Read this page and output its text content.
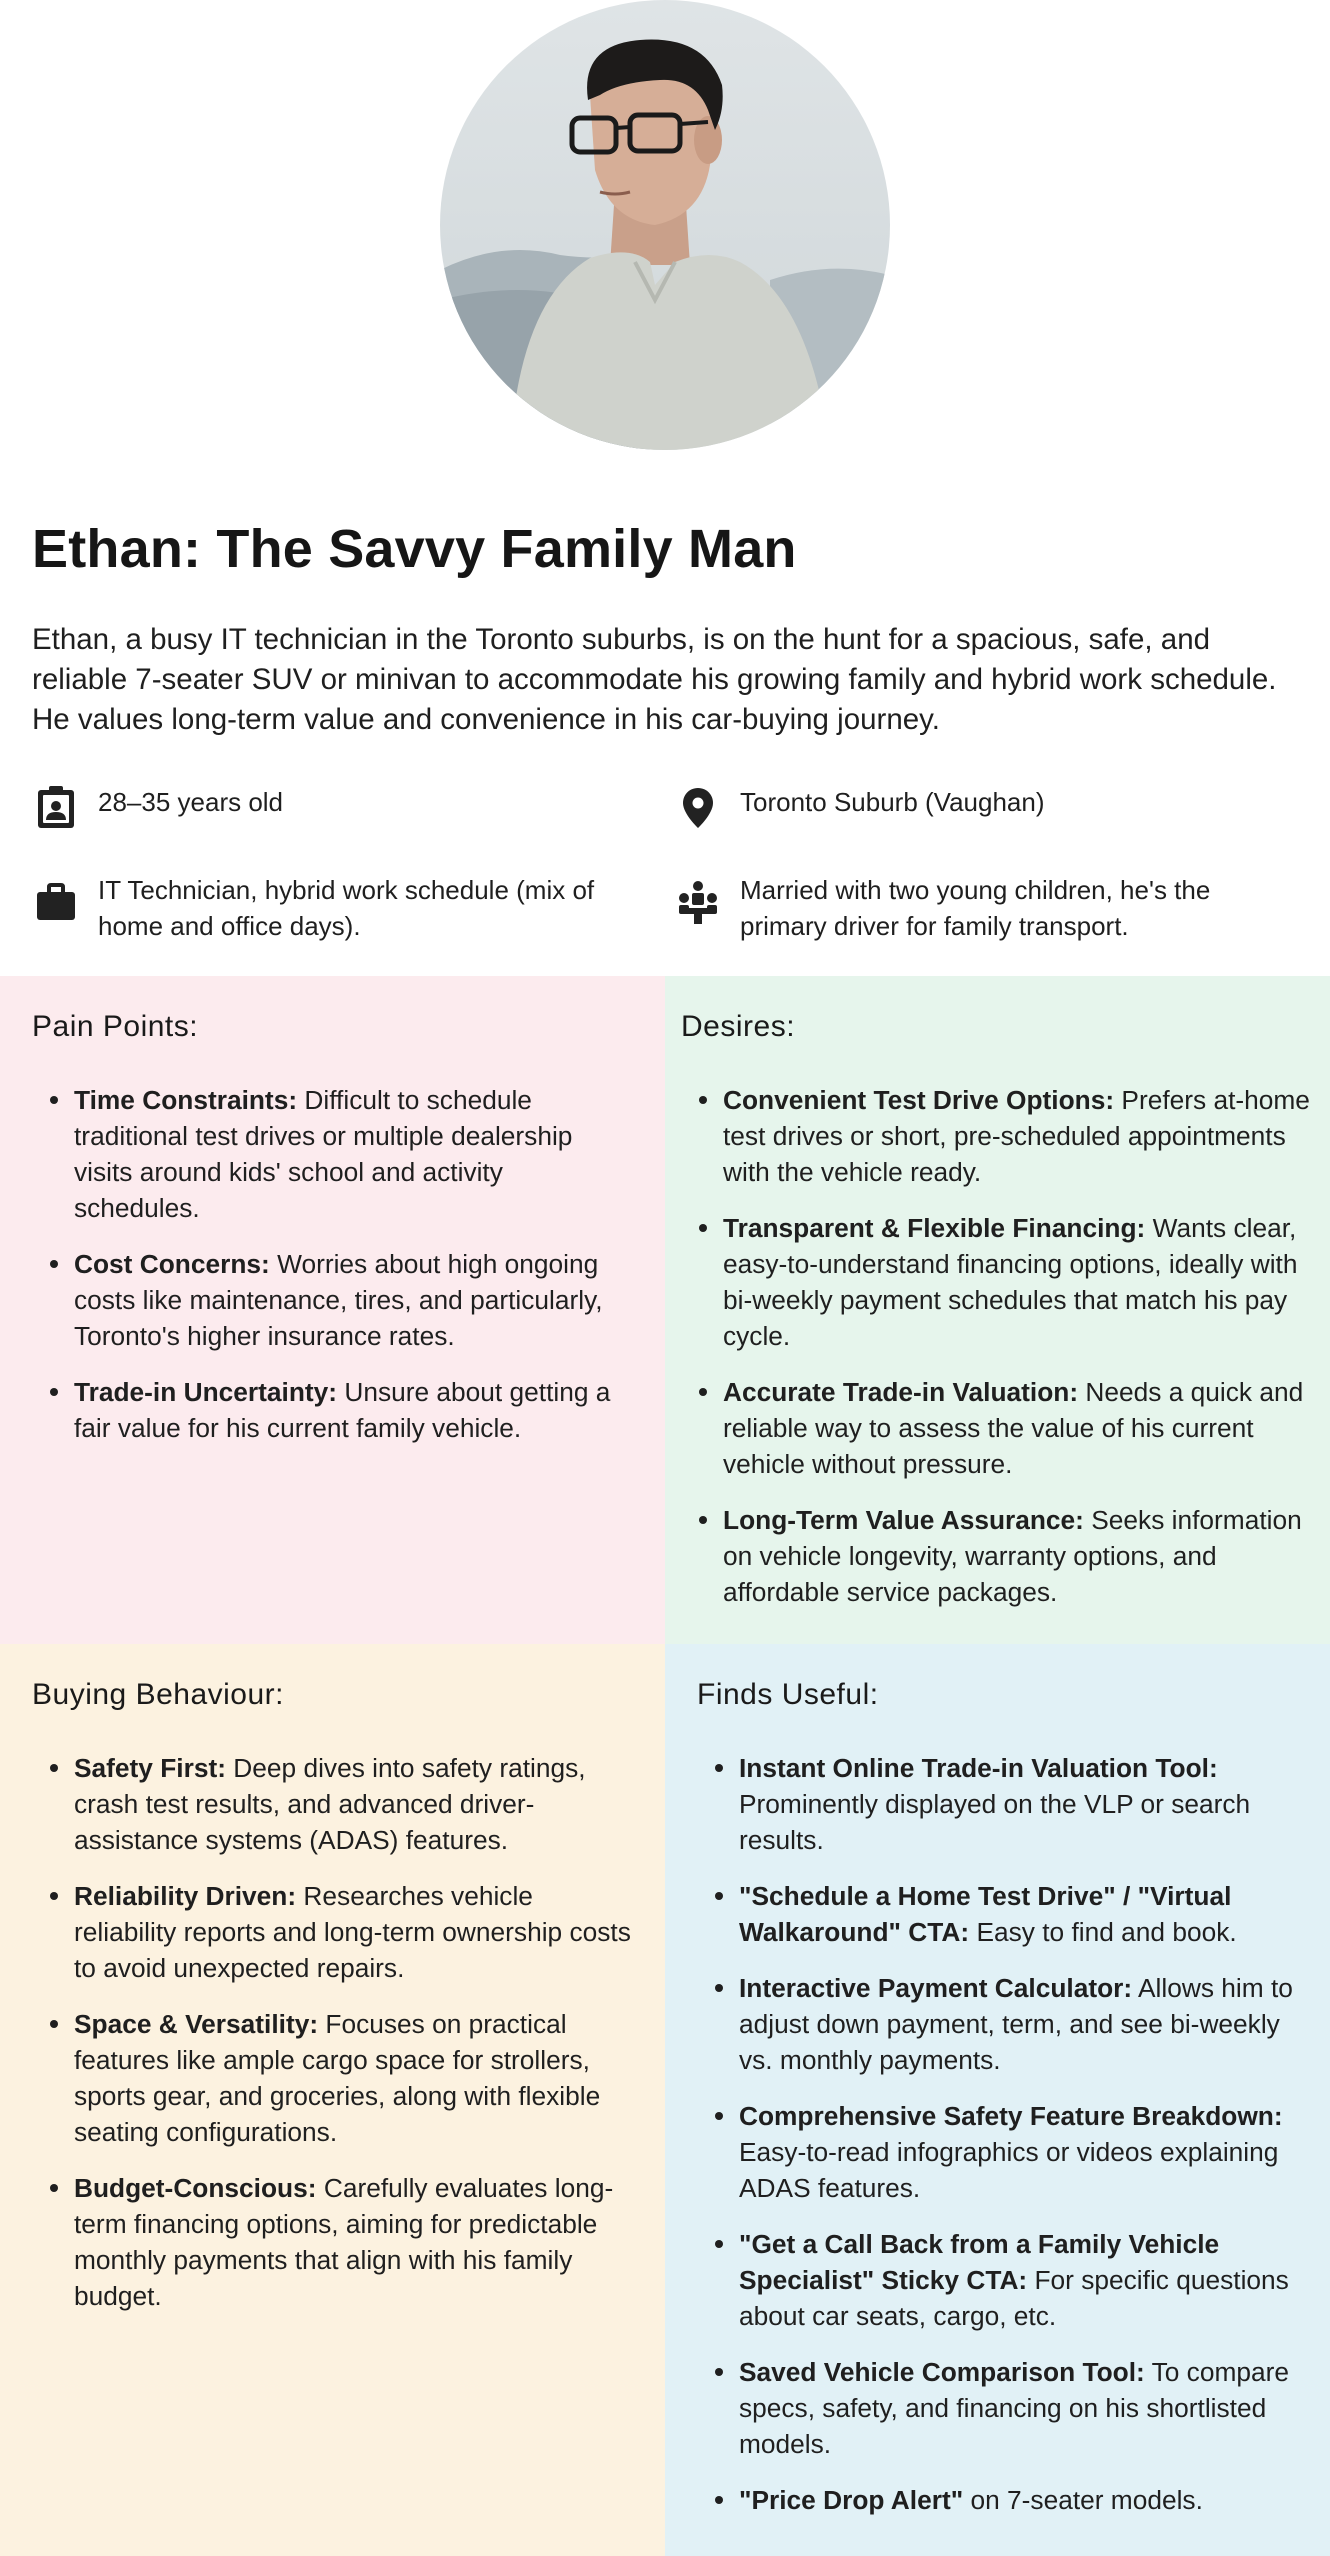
Ethan: The Savvy Family Man

Ethan, a busy IT technician in the Toronto suburbs, is on the hunt for a spacious, safe, and reliable 7-seater SUV or minivan to accommodate his growing family and hybrid work schedule. He values long-term value and convenience in his car-buying journey.

28–35 years old	Toronto Suburb (Vaughan)
IT Technician, hybrid work schedule (mix of home and office days).
Married with two young children, he's the primary driver for family transport.
Pain Points:
Time Constraints: Difficult to schedule traditional test drives or multiple dealership visits around kids' school and activity schedules.
Cost Concerns: Worries about high ongoing costs like maintenance, tires, and particularly, Toronto's higher insurance rates.
Trade-in Uncertainty: Unsure about getting a fair value for his current family vehicle.
Desires:
Convenient Test Drive Options: Prefers at-home test drives or short, pre-scheduled appointments with the vehicle ready.
Transparent & Flexible Financing: Wants clear, easy-to-understand financing options, ideally with bi-weekly payment schedules that match his pay cycle.
Accurate Trade-in Valuation: Needs a quick and reliable way to assess the value of his current vehicle without pressure.
Long-Term Value Assurance: Seeks information on vehicle longevity, warranty options, and affordable service packages.
Buying Behaviour:
Safety First: Deep dives into safety ratings, crash test results, and advanced driver-assistance systems (ADAS) features.
Reliability Driven: Researches vehicle reliability reports and long-term ownership costs to avoid unexpected repairs.
Space & Versatility: Focuses on practical features like ample cargo space for strollers, sports gear, and groceries, along with flexible seating configurations.
Budget-Conscious: Carefully evaluates long-term financing options, aiming for predictable monthly payments that align with his family budget.
Finds Useful:
Instant Online Trade-in Valuation Tool: Prominently displayed on the VLP or search results.
"Schedule a Home Test Drive" / "Virtual Walkaround" CTA: Easy to find and book.
Interactive Payment Calculator: Allows him to adjust down payment, term, and see bi-weekly vs. monthly payments.
Comprehensive Safety Feature Breakdown: Easy-to-read infographics or videos explaining ADAS features.
"Get a Call Back from a Family Vehicle Specialist" Sticky CTA: For specific questions about car seats, cargo, etc.
Saved Vehicle Comparison Tool: To compare specs, safety, and financing on his shortlisted models.
"Price Drop Alert" on 7-seater models.
